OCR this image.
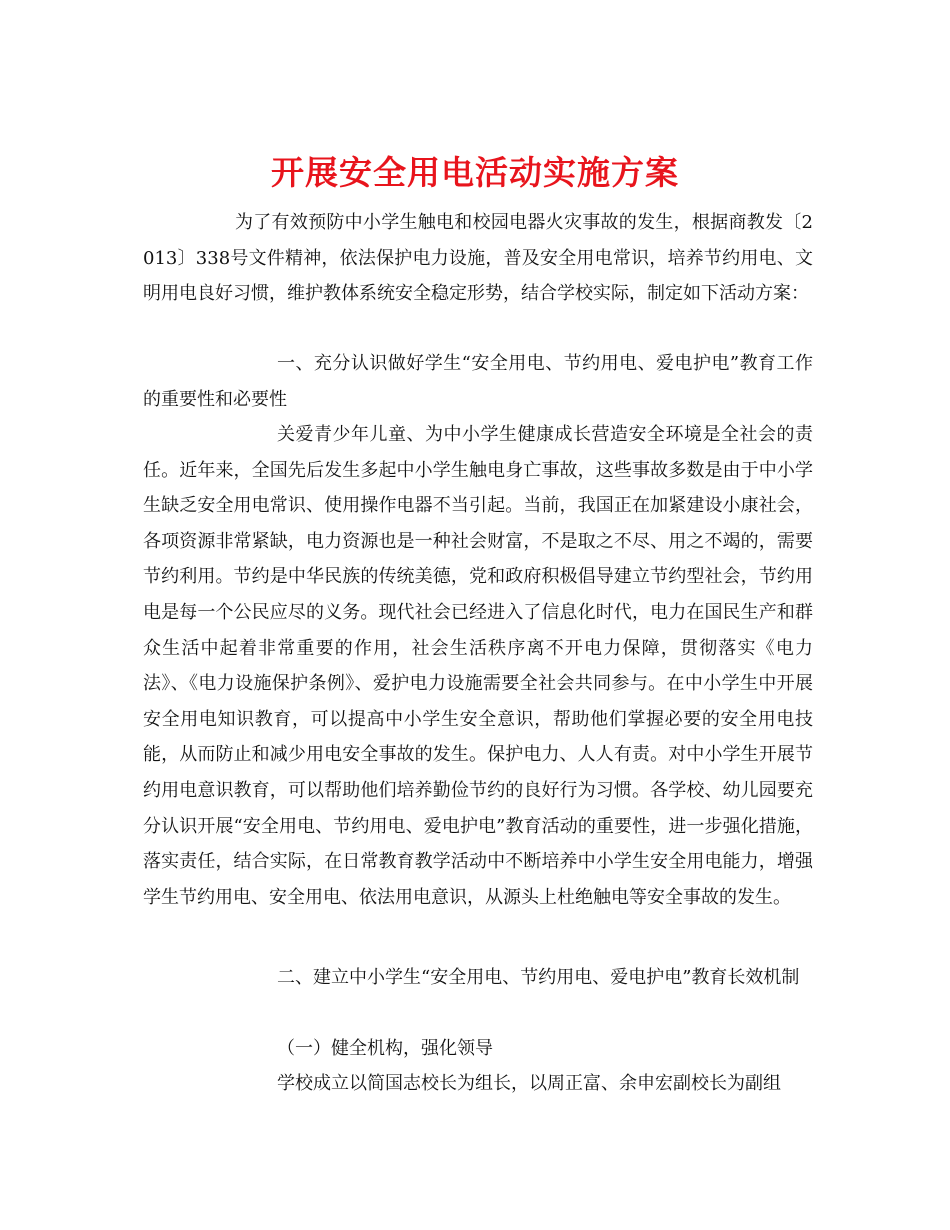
开展安全用电活动实施方案

为了有效预防中小学生触电和校园电器火灾事故的发生，根据商教发〔2013〕338号文件精神，依法保护电力设施，普及安全用电常识，培养节约用电、文明用电良好习惯，维护教体系统安全稳定形势，结合学校实际，制定如下活动方案：

一、充分认识做好学生“安全用电、节约用电、爱电护电”教育工作的重要性和必要性

关爱青少年儿童、为中小学生健康成长营造安全环境是全社会的责任。近年来，全国先后发生多起中小学生触电身亡事故，这些事故多数是由于中小学生缺乏安全用电常识、使用操作电器不当引起。当前，我国正在加紧建设小康社会，各项资源非常紧缺，电力资源也是一种社会财富，不是取之不尽、用之不竭的，需要节约利用。节约是中华民族的传统美德，党和政府积极倡导建立节约型社会，节约用电是每一个公民应尽的义务。现代社会已经进入了信息化时代，电力在国民生产和群众生活中起着非常重要的作用，社会生活秩序离不开电力保障，贯彻落实《电力法》、《电力设施保护条例》、爱护电力设施需要全社会共同参与。在中小学生中开展安全用电知识教育，可以提高中小学生安全意识，帮助他们掌握必要的安全用电技能，从而防止和减少用电安全事故的发生。保护电力、人人有责。对中小学生开展节约用电意识教育，可以帮助他们培养勤俭节约的良好行为习惯。各学校、幼儿园要充分认识开展“安全用电、节约用电、爱电护电”教育活动的重要性，进一步强化措施，落实责任，结合实际，在日常教育教学活动中不断培养中小学生安全用电能力，增强学生节约用电、安全用电、依法用电意识，从源头上杜绝触电等安全事故的发生。

二、建立中小学生“安全用电、节约用电、爱电护电”教育长效机制

（一）健全机构，强化领导

学校成立以简国志校长为组长，以周正富、余申宏副校长为副组
